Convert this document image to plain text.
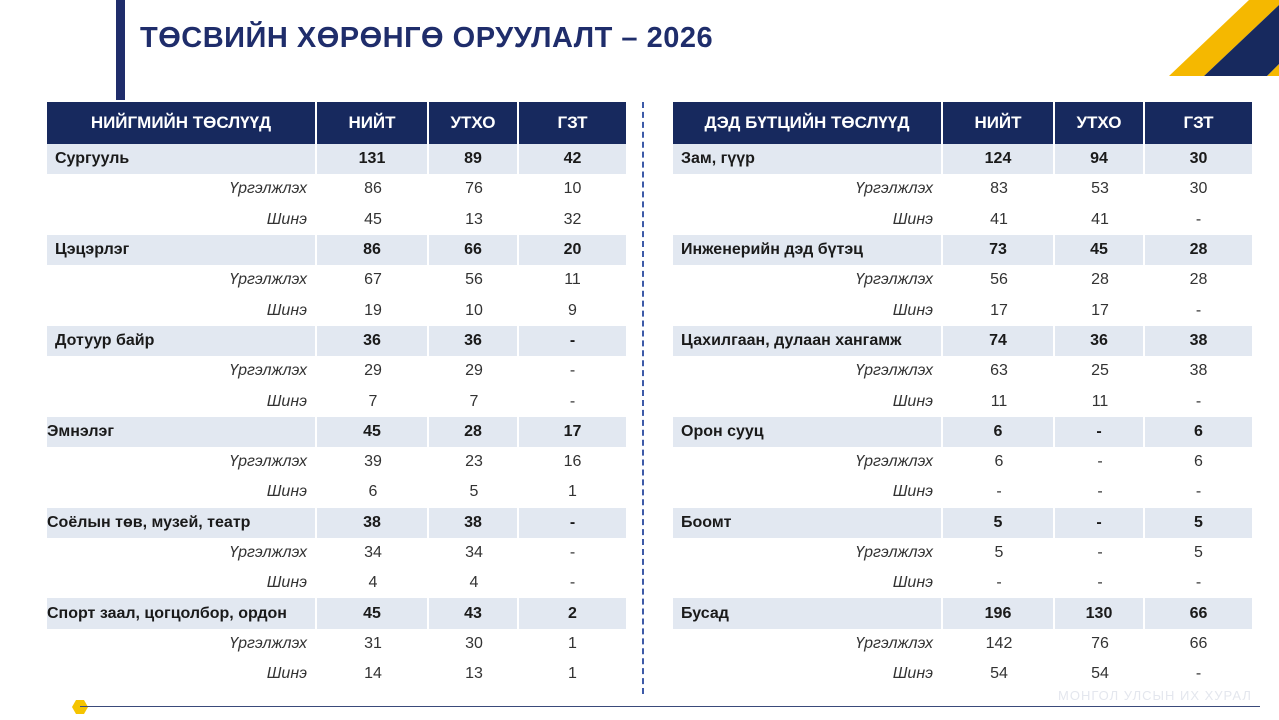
ТӨСВИЙН ХӨРӨНГӨ ОРУУЛАЛТ – 2026
НИЙГМИЙН ТӨСЛҮҮД	НИЙТ	УТХО	ГЗТ
Сургууль	131	89	42
Үргэлжлэх	86	76	10
Шинэ	45	13	32
Цэцэрлэг	86	66	20
Үргэлжлэх	67	56	11
Шинэ	19	10	9
Дотуур байр	36	36	-
Үргэлжлэх	29	29	-
Шинэ	7	7	-
Эмнэлэг	45	28	17
Үргэлжлэх	39	23	16
Шинэ	6	5	1
Соёлын төв, музей, театр	38	38	-
Үргэлжлэх	34	34	-
Шинэ	4	4	-
Спорт заал, цогцолбор, ордон	45	43	2
Үргэлжлэх	31	30	1
Шинэ	14	13	1
ДЭД БҮТЦИЙН ТӨСЛҮҮД	НИЙТ	УТХО	ГЗТ
Зам, гүүр	124	94	30
Үргэлжлэх	83	53	30
Шинэ	41	41	-
Инженерийн дэд бүтэц	73	45	28
Үргэлжлэх	56	28	28
Шинэ	17	17	-
Цахилгаан, дулаан хангамж	74	36	38
Үргэлжлэх	63	25	38
Шинэ	11	11	-
Орон сууц	6	-	6
Үргэлжлэх	6	-	6
Шинэ	-	-	-
Боомт	5	-	5
Үргэлжлэх	5	-	5
Шинэ	-	-	-
Бусад	196	130	66
Үргэлжлэх	142	76	66
Шинэ	54	54	-
МОНГОЛ УЛСЫН ИХ ХУРАЛ
